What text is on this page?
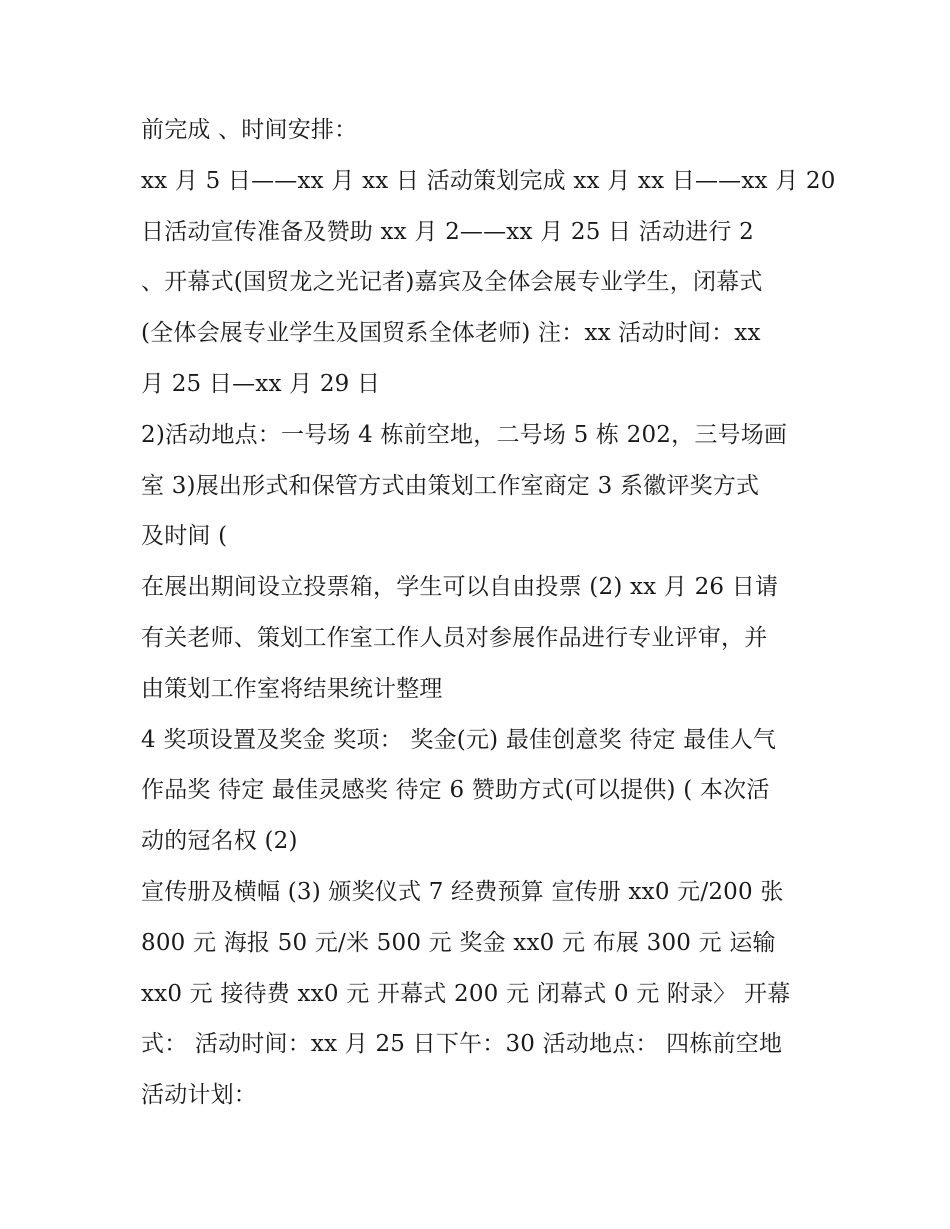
前完成 、时间安排：
xx 月 5 日——xx 月 xx 日 活动策划完成 xx 月 xx 日——xx 月 20
日活动宣传准备及赞助 xx 月 2——xx 月 25 日 活动进行 2
、开幕式(国贸龙之光记者)嘉宾及全体会展专业学生，闭幕式
(全体会展专业学生及国贸系全体老师) 注：xx 活动时间：xx
月 25 日—xx 月 29 日
2)活动地点：一号场 4 栋前空地，二号场 5 栋 202，三号场画
室 3)展出形式和保管方式由策划工作室商定 3 系徽评奖方式
及时间 (
在展出期间设立投票箱，学生可以自由投票 (2) xx 月 26 日请
有关老师、策划工作室工作人员对参展作品进行专业评审，并
由策划工作室将结果统计整理
4 奖项设置及奖金 奖项： 奖金(元) 最佳创意奖 待定 最佳人气
作品奖 待定 最佳灵感奖 待定 6 赞助方式(可以提供) ( 本次活
动的冠名权 (2)
宣传册及横幅 (3) 颁奖仪式 7 经费预算 宣传册 xx0 元/200 张
800 元 海报 50 元/米 500 元 奖金 xx0 元 布展 300 元 运输
xx0 元 接待费 xx0 元 开幕式 200 元 闭幕式 0 元 附录〉 开幕
式： 活动时间：xx 月 25 日下午：30 活动地点： 四栋前空地
活动计划：
